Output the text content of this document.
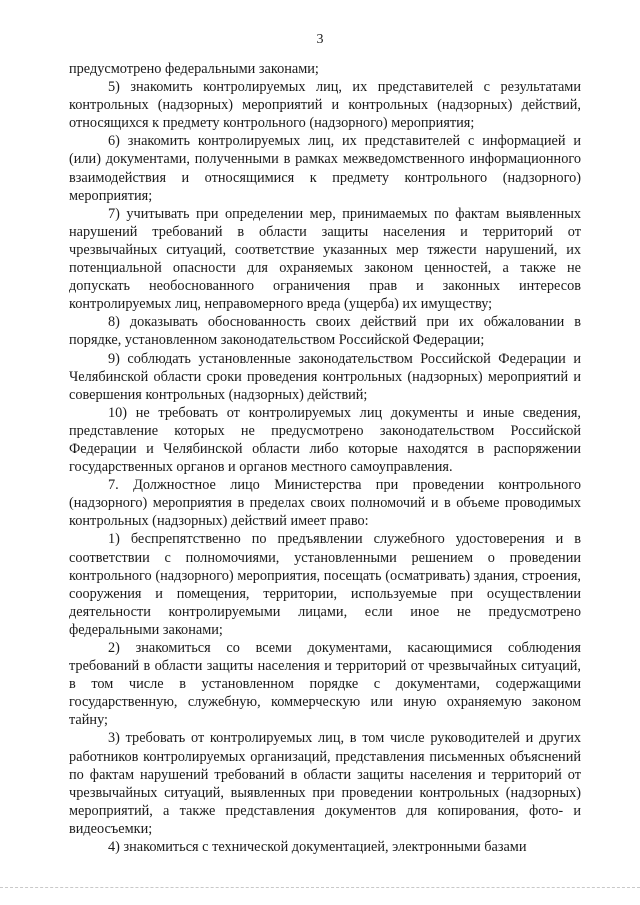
3

предусмотрено федеральными законами;

5) знакомить контролируемых лиц, их представителей с результатами контрольных (надзорных) мероприятий и контрольных (надзорных) действий, относящихся к предмету контрольного (надзорного) мероприятия;

6) знакомить контролируемых лиц, их представителей с информацией и (или) документами, полученными в рамках межведомственного информационного взаимодействия и относящимися к предмету контрольного (надзорного) мероприятия;

7) учитывать при определении мер, принимаемых по фактам выявленных нарушений требований в области защиты населения и территорий от чрезвычайных ситуаций, соответствие указанных мер тяжести нарушений, их потенциальной опасности для охраняемых законом ценностей, а также не допускать необоснованного ограничения прав и законных интересов контролируемых лиц, неправомерного вреда (ущерба) их имуществу;

8) доказывать обоснованность своих действий при их обжаловании в порядке, установленном законодательством Российской Федерации;

9) соблюдать установленные законодательством Российской Федерации и Челябинской области сроки проведения контрольных (надзорных) мероприятий и совершения контрольных (надзорных) действий;

10) не требовать от контролируемых лиц документы и иные сведения, представление которых не предусмотрено законодательством Российской Федерации и Челябинской области либо которые находятся в распоряжении государственных органов и органов местного самоуправления.

7. Должностное лицо Министерства при проведении контрольного (надзорного) мероприятия в пределах своих полномочий и в объеме проводимых контрольных (надзорных) действий имеет право:

1) беспрепятственно по предъявлении служебного удостоверения и в соответствии с полномочиями, установленными решением о проведении контрольного (надзорного) мероприятия, посещать (осматривать) здания, строения, сооружения и помещения, территории, используемые при осуществлении деятельности контролируемыми лицами, если иное не предусмотрено федеральными законами;

2) знакомиться со всеми документами, касающимися соблюдения требований в области защиты населения и территорий от чрезвычайных ситуаций, в том числе в установленном порядке с документами, содержащими государственную, служебную, коммерческую или иную охраняемую законом тайну;

3) требовать от контролируемых лиц, в том числе руководителей и других работников контролируемых организаций, представления письменных объяснений по фактам нарушений требований в области защиты населения и территорий от чрезвычайных ситуаций, выявленных при проведении контрольных (надзорных) мероприятий, а также представления документов для копирования, фото- и видеосъемки;

4) знакомиться с технической документацией, электронными базами
